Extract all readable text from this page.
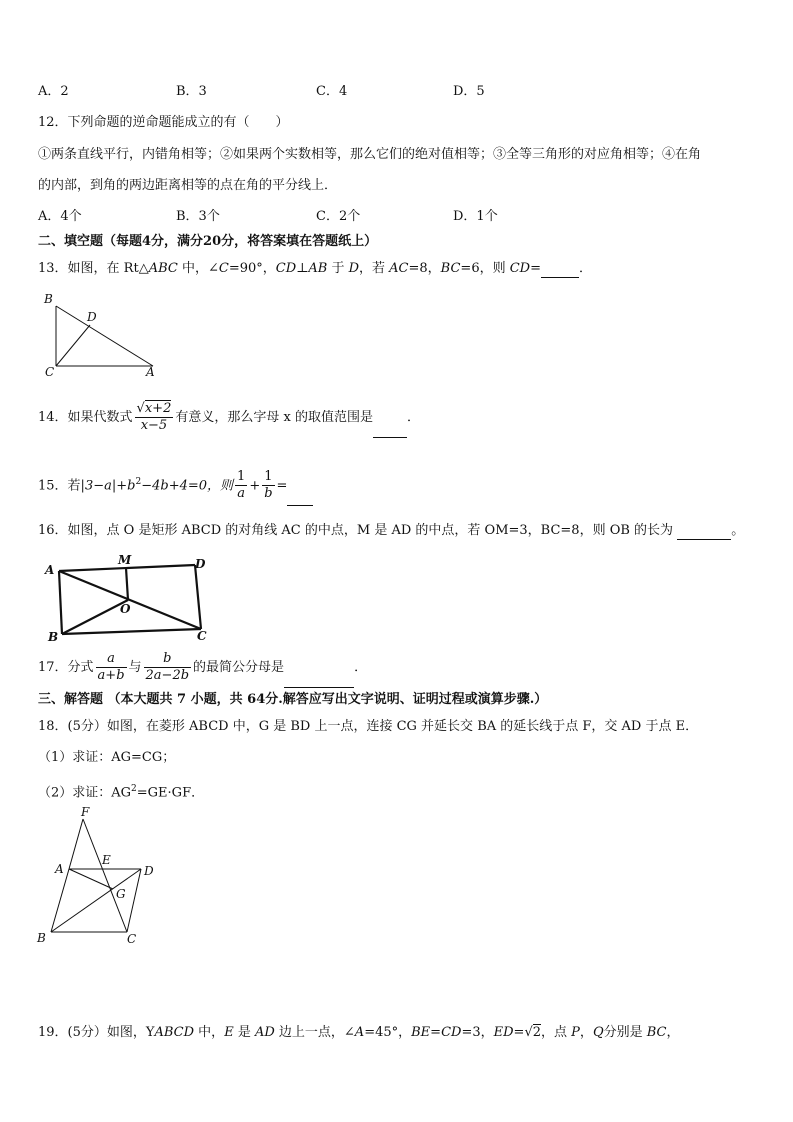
A．2	B．3	C．4	D．5
12．下列命题的逆命题能成立的有（　　）
①两条直线平行，内错角相等；②如果两个实数相等，那么它们的绝对值相等；③全等三角形的对应角相等；④在角
的内部，到角的两边距离相等的点在角的平分线上．
A．4个	B．3个	C．2个	D．1个
二、填空题（每题4分，满分20分，将答案填在答题纸上）
13．如图，在 Rt△ABC 中，∠C=90°，CD⊥AB 于 D，若 AC=8，BC=6，则 CD=	．
B
D
C	A
14．如果代数式 $\frac{√x+2}{x-5}$ 有意义，那么字母 x 的取值范围是	．
15．若$|3-a|+b^2-4b+4=0$，则 $\frac{1}{a} + \frac{1}{b}$ =
16．如图，点 O 是矩形 ABCD 的对角线 AC 的中点，M 是 AD 的中点，若 OM=3，BC=8，则 OB 的长为	。
A
M	D
O
B	C
17．分式 $\frac{a}{a+b}$ 与 $\frac{b}{2a-2b}$ 的最简公分母是	．
三、解答题 （本大题共 7 小题，共 64分.解答应写出文字说明、证明过程或演算步骤.）
18．(5分）如图，在菱形 ABCD 中，G 是 BD 上一点，连接 CG 并延长交 BA 的延长线于点 F，交 AD 于点 E．
（1）求证：AG=CG；
（2）求证：$AG^2=GE\cdot GF$．
F
E
A	D
G
B	C
19．(5分）如图，YABCD 中，E 是 AD 边上一点，∠A=45°，BE=CD=3，ED=√2，点 P，Q分别是 BC，
